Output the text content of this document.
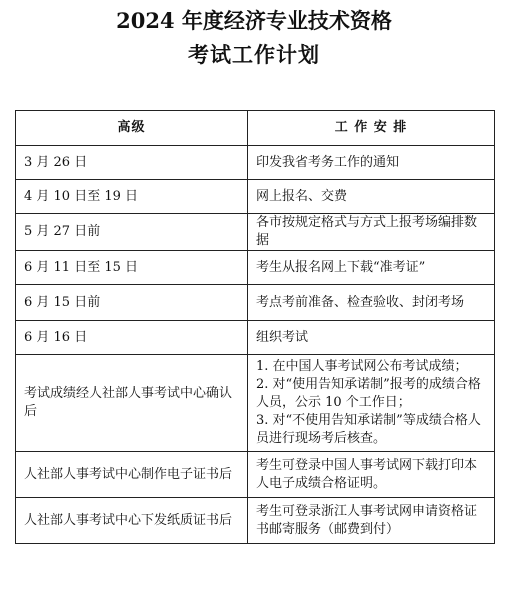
2024 年度经济专业技术资格
考试工作计划
高级	工 作 安 排
3 月 26 日	印发我省考务工作的通知
4 月 10 日至 19 日	网上报名、交费
5 月 27 日前	各市按规定格式与方式上报考场编排数据
6 月 11 日至 15 日	考生从报名网上下载“准考证”
6 月 15 日前	考点考前准备、检查验收、封闭考场
6 月 16 日	组织考试
考试成绩经人社部人事考试中心确认后	1. 在中国人事考试网公布考试成绩；
2. 对“使用告知承诺制”报考的成绩合格人员，公示 10 个工作日；
3. 对“不使用告知承诺制”等成绩合格人员进行现场考后核查。

人社部人事考试中心制作电子证书后	考生可登录中国人事考试网下载打印本人电子成绩合格证明。
人社部人事考试中心下发纸质证书后	考生可登录浙江人事考试网申请资格证书邮寄服务（邮费到付）
